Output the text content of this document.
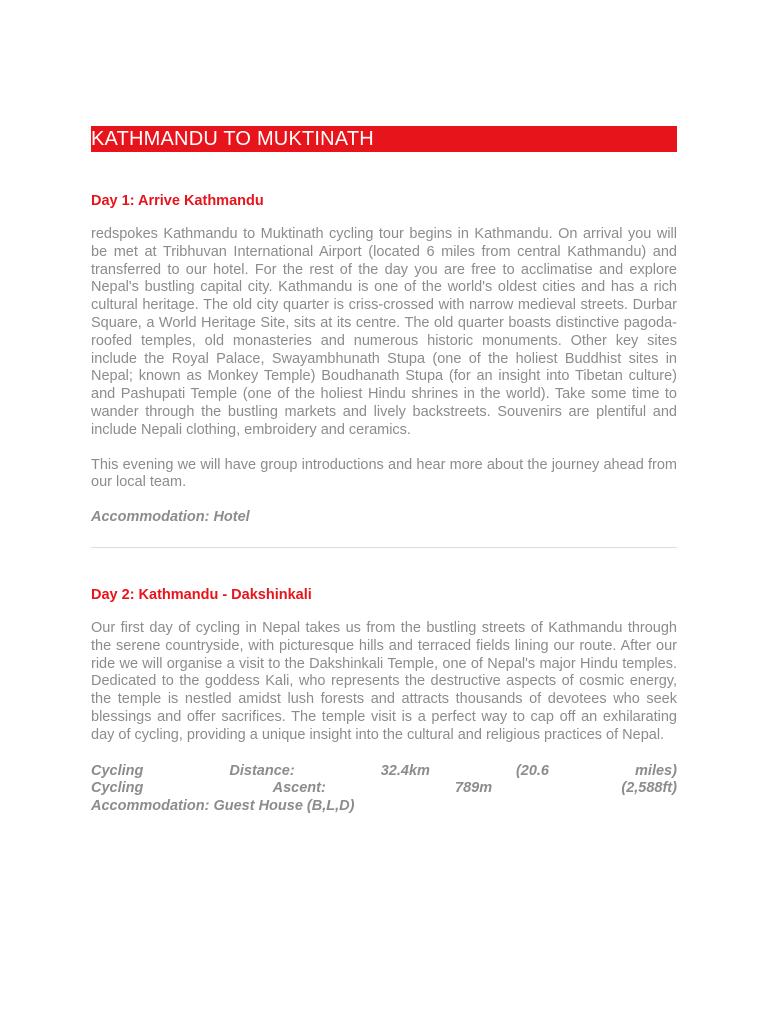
KATHMANDU TO MUKTINATH
Day 1: Arrive Kathmandu

redspokes Kathmandu to Muktinath cycling tour begins in Kathmandu. On arrival you will be met at Tribhuvan International Airport (located 6 miles from central Kathmandu) and transferred to our hotel. For the rest of the day you are free to acclimatise and explore Nepal's bustling capital city. Kathmandu is one of the world's oldest cities and has a rich cultural heritage. The old city quarter is criss-crossed with narrow medieval streets. Durbar Square, a World Heritage Site, sits at its centre. The old quarter boasts distinctive pagoda-roofed temples, old monasteries and numerous historic monuments. Other key sites include the Royal Palace, Swayambhunath Stupa (one of the holiest Buddhist sites in Nepal; known as Monkey Temple) Boudhanath Stupa (for an insight into Tibetan culture) and Pashupati Temple (one of the holiest Hindu shrines in the world). Take some time to wander through the bustling markets and lively backstreets. Souvenirs are plentiful and include Nepali clothing, embroidery and ceramics.

This evening we will have group introductions and hear more about the journey ahead from our local team.

Accommodation: Hotel

Day 2: Kathmandu - Dakshinkali

Our first day of cycling in Nepal takes us from the bustling streets of Kathmandu through the serene countryside, with picturesque hills and terraced fields lining our route. After our ride we will organise a visit to the Dakshinkali Temple, one of Nepal's major Hindu temples. Dedicated to the goddess Kali, who represents the destructive aspects of cosmic energy, the temple is nestled amidst lush forests and attracts thousands of devotees who seek blessings and offer sacrifices. The temple visit is a perfect way to cap off an exhilarating day of cycling, providing a unique insight into the cultural and religious practices of Nepal.

Cycling	Distance:	32.4km	(20.6	miles)
Cycling	Ascent:	789m	(2,588ft)
Accommodation: Guest House (B,L,D)
